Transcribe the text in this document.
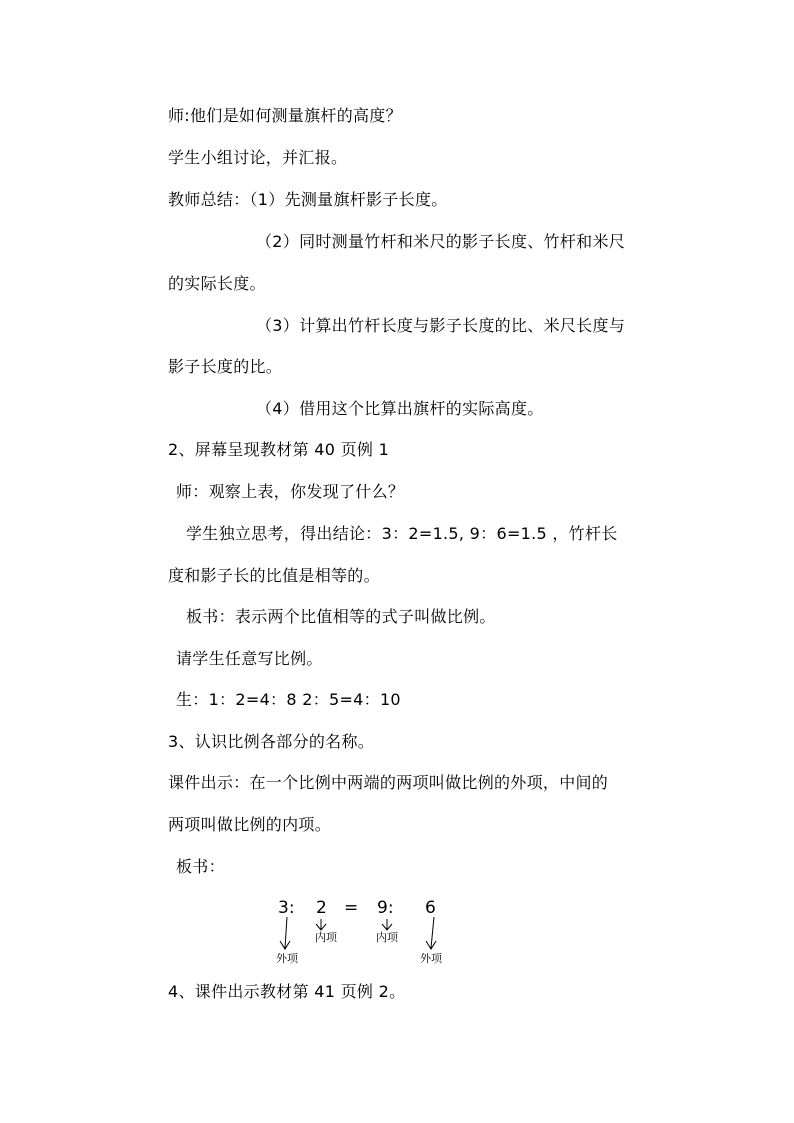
师:他们是如何测量旗杆的高度？
学生小组讨论，并汇报。
教师总结：（1）先测量旗杆影子长度。
（2）同时测量竹杆和米尺的影子长度、竹杆和米尺
的实际长度。
（3）计算出竹杆长度与影子长度的比、米尺长度与
影子长度的比。
（4）借用这个比算出旗杆的实际高度。
2、屏幕呈现教材第 40 页例 1
师：观察上表，你发现了什么？
学生独立思考，得出结论：3：2=1.5, 9：6=1.5 ，竹杆长
度和影子长的比值是相等的。
板书：表示两个比值相等的式子叫做比例。
请学生任意写比例。
生：1：2=4：8 2：5=4：10
3、认识比例各部分的名称。
课件出示：在一个比例中两端的两项叫做比例的外项，中间的
两项叫做比例的内项。
板书：
3: 2 = 9: 6
内项	内项
外项	外项
4、课件出示教材第 41 页例 2。
